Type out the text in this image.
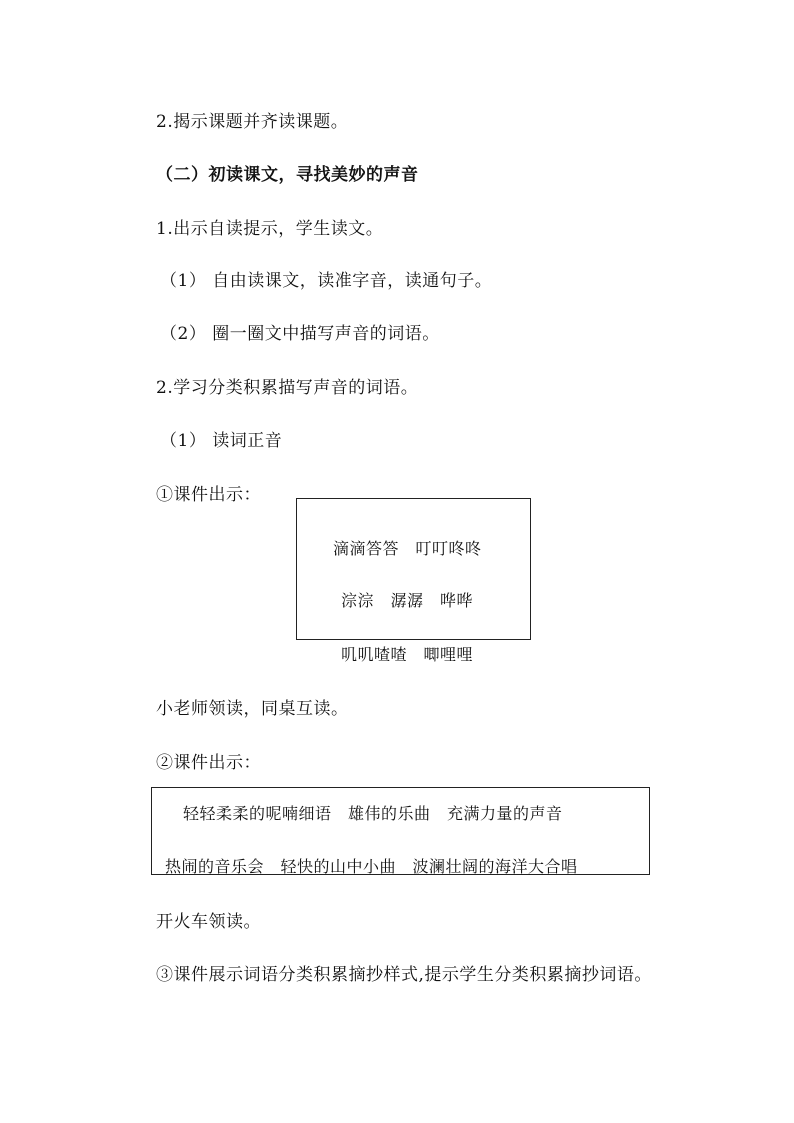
2.揭示课题并齐读课题。
（二）初读课文，寻找美妙的声音
1.出示自读提示，学生读文。
（1） 自由读课文，读准字音，读通句子。
（2） 圈一圈文中描写声音的词语。
2.学习分类积累描写声音的词语。
（1） 读词正音
①课件出示：
滴滴答答　叮叮咚咚
淙淙　潺潺　哗哗
叽叽喳喳　唧哩哩
小老师领读，同桌互读。
②课件出示：
轻轻柔柔的呢喃细语　雄伟的乐曲　充满力量的声音
热闹的音乐会　轻快的山中小曲　波澜壮阔的海洋大合唱
开火车领读。
③课件展示词语分类积累摘抄样式,提示学生分类积累摘抄词语。
